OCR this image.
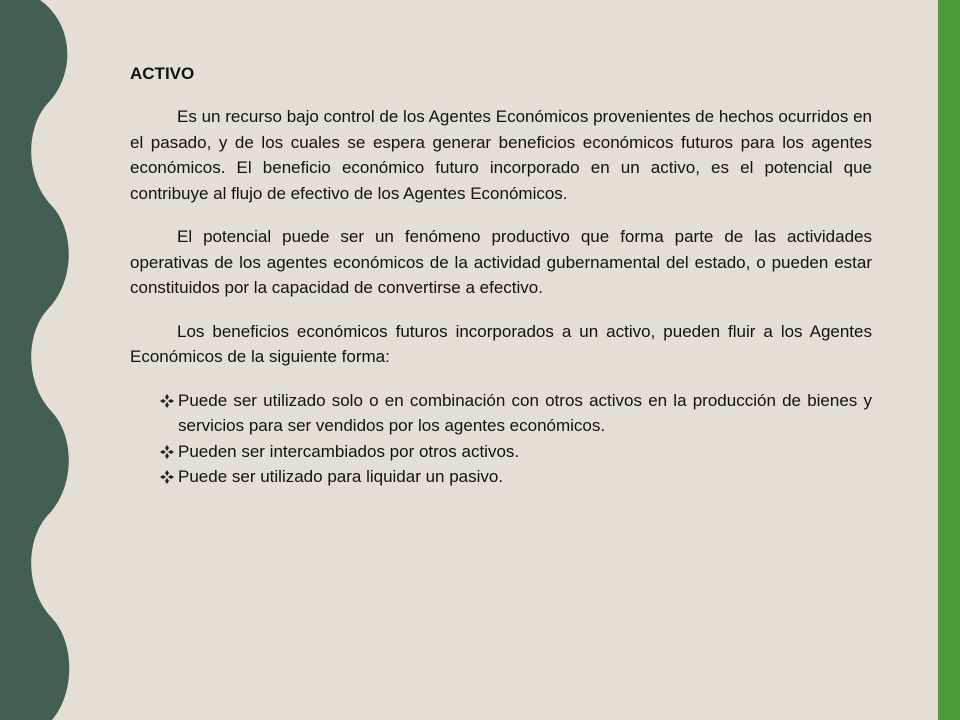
ACTIVO

Es un recurso bajo control de los Agentes Económicos provenientes de hechos ocurridos en el pasado, y de los cuales se espera generar beneficios económicos futuros para los agentes económicos. El beneficio económico futuro incorporado en un activo, es el potencial que contribuye al flujo de efectivo de los Agentes Económicos.

El potencial puede ser un fenómeno productivo que forma parte de las actividades operativas de los agentes económicos de la actividad gubernamental del estado, o pueden estar constituidos por la capacidad de convertirse a efectivo.

Los beneficios económicos futuros incorporados a un activo, pueden fluir a los Agentes Económicos de la siguiente forma:

Puede ser utilizado solo o en combinación con otros activos en la producción de bienes y servicios para ser vendidos por los agentes económicos.
Pueden ser intercambiados por otros activos.
Puede ser utilizado para liquidar un pasivo.
